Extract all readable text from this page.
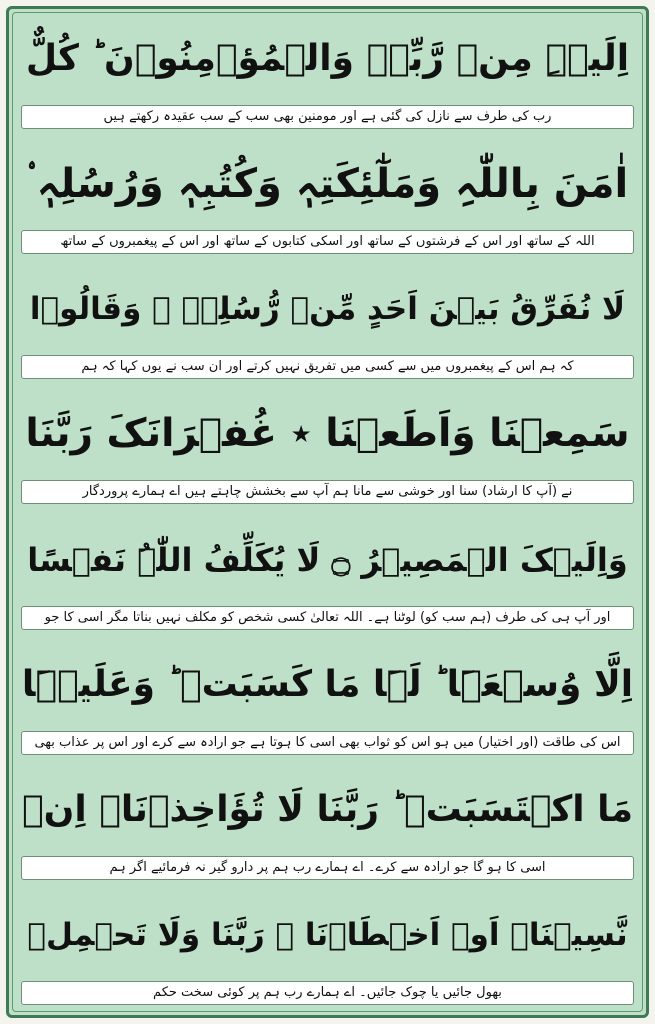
اِلَیۡہِ مِنۡ رَّبِّہٖ وَالۡمُؤۡمِنُوۡنَ ؕ کُلٌّ
رب کی طرف سے نازل کی گئی ہے اور مومنین بھی سب کے سب عقیدہ رکھتے ہیں
اٰمَنَ بِاللّٰہِ وَمَلٰٓئِکَتِہٖ وَکُتُبِہٖ وَرُسُلِہٖ ۟
اللہ کے ساتھ اور اس کے فرشتوں کے ساتھ اور اسکی کتابوں کے ساتھ اور اس کے پیغمبروں کے ساتھ
لَا نُفَرِّقُ بَیۡنَ اَحَدٍ مِّنۡ رُّسُلِہٖ ۟ وَقَالُوۡا
کہ ہم اس کے پیغمبروں میں سے کسی میں تفریق نہیں کرتے اور ان سب نے یوں کہا کہ ہم
سَمِعۡنَا وَاَطَعۡنَا ٭ غُفۡرَانَکَ رَبَّنَا
نے (آپ کا ارشاد) سنا اور خوشی سے مانا ہم آپ سے بخشش چاہتے ہیں اے ہمارے پروردگار
وَاِلَیۡکَ الۡمَصِیۡرُ ۝ لَا یُکَلِّفُ اللّٰہُ نَفۡسًا
اور آپ ہی کی طرف (ہم سب کو) لوٹنا ہے۔ اللہ تعالیٰ کسی شخص کو مکلف نہیں بناتا مگر اسی کا جو
اِلَّا وُسۡعَہَا ؕ لَہَا مَا کَسَبَتۡ ؕ وَعَلَیۡہَا
اس کی طاقت (اور اختیار) میں ہو اس کو ثواب بھی اسی کا ہوتا ہے جو ارادہ سے کرے اور اس پر عذاب بھی
مَا اکۡتَسَبَتۡ ؕ رَبَّنَا لَا تُؤَاخِذۡنَاۤ اِنۡ
اسی کا ہو گا جو ارادہ سے کرے۔ اے ہمارے رب ہم پر دارو گیر نہ فرمائیے اگر ہم
نَّسِیۡنَاۤ اَوۡ اَخۡطَاۡنَا ۚ رَبَّنَا وَلَا تَحۡمِلۡ
بھول جائیں یا چوک جائیں۔ اے ہمارے رب ہم پر کوئی سخت حکم
